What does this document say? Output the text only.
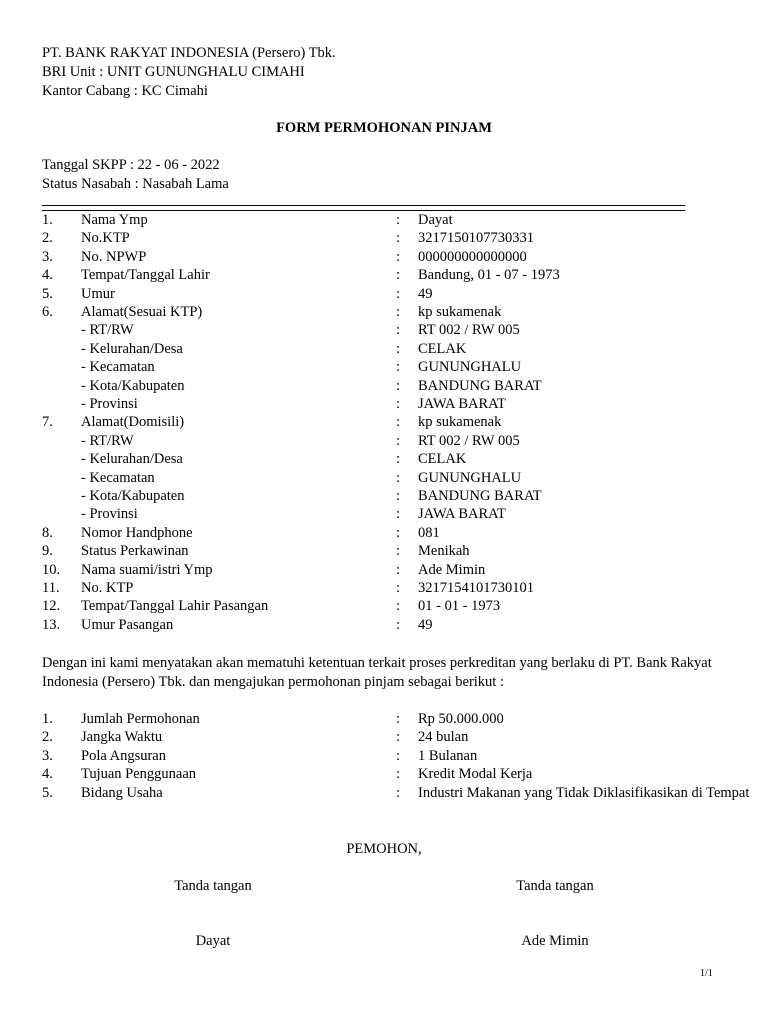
PT. BANK RAKYAT INDONESIA (Persero) Tbk.
BRI Unit : UNIT GUNUNGHALU CIMAHI
Kantor Cabang : KC Cimahi
FORM PERMOHONAN PINJAM
Tanggal SKPP : 22 - 06 - 2022
Status Nasabah : Nasabah Lama
1. Nama Ymp	: Dayat
2. No.KTP	: 3217150107730331
3. No. NPWP	: 000000000000000
4. Tempat/Tanggal Lahir	: Bandung, 01 - 07 - 1973
5. Umur	: 49
6. Alamat(Sesuai KTP)	: kp sukamenak
- RT/RW	: RT 002 / RW 005
- Kelurahan/Desa	: CELAK
- Kecamatan	: GUNUNGHALU
- Kota/Kabupaten	: BANDUNG BARAT
- Provinsi	: JAWA BARAT
7. Alamat(Domisili)	: kp sukamenak
- RT/RW	: RT 002 / RW 005
- Kelurahan/Desa	: CELAK
- Kecamatan	: GUNUNGHALU
- Kota/Kabupaten	: BANDUNG BARAT
- Provinsi	: JAWA BARAT
8. Nomor Handphone	: 081
9. Status Perkawinan	: Menikah
10. Nama suami/istri Ymp	: Ade Mimin
11. No. KTP	: 3217154101730101
12. Tempat/Tanggal Lahir Pasangan	: 01 - 01 - 1973
13. Umur Pasangan	: 49
Dengan ini kami menyatakan akan mematuhi ketentuan terkait proses perkreditan yang berlaku di PT. Bank Rakyat Indonesia (Persero) Tbk. dan mengajukan permohonan pinjam sebagai berikut :
1. Jumlah Permohonan	: Rp 50.000.000
2. Jangka Waktu	: 24 bulan
3. Pola Angsuran	: 1 Bulanan
4. Tujuan Penggunaan	: Kredit Modal Kerja
5. Bidang Usaha	: Industri Makanan yang Tidak Diklasifikasikan di Tempat
PEMOHON,
Tanda tangan	Tanda tangan
Dayat	Ade Mimin
1/1
